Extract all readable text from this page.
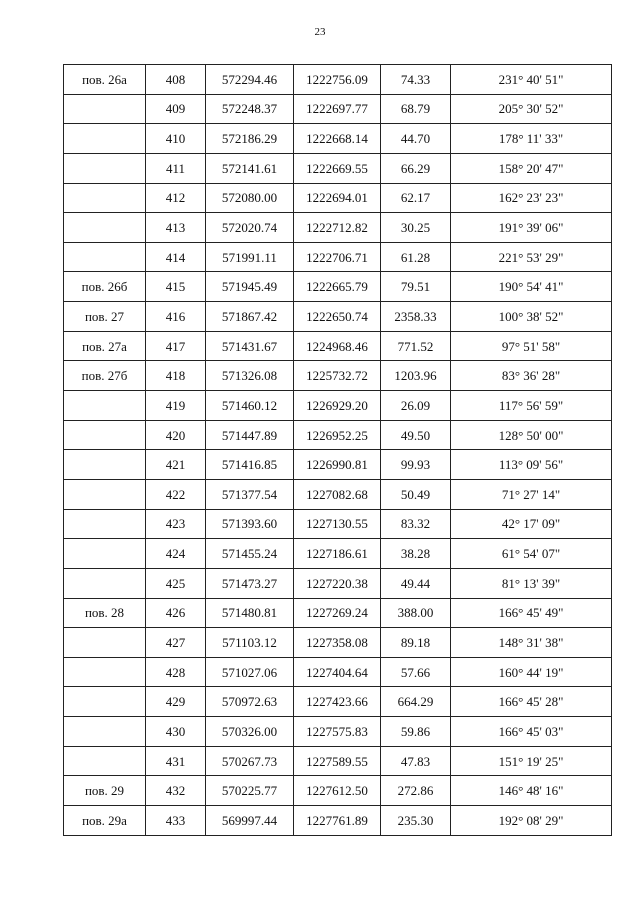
23
пов. 26а	408	572294.46	1222756.09	74.33	231° 40' 51"
	409	572248.37	1222697.77	68.79	205° 30' 52"
	410	572186.29	1222668.14	44.70	178° 11' 33"
	411	572141.61	1222669.55	66.29	158° 20' 47"
	412	572080.00	1222694.01	62.17	162° 23' 23"
	413	572020.74	1222712.82	30.25	191° 39' 06"
	414	571991.11	1222706.71	61.28	221° 53' 29"
пов. 26б	415	571945.49	1222665.79	79.51	190° 54' 41"
пов. 27	416	571867.42	1222650.74	2358.33	100° 38' 52"
пов. 27а	417	571431.67	1224968.46	771.52	97° 51' 58"
пов. 27б	418	571326.08	1225732.72	1203.96	83° 36' 28"
	419	571460.12	1226929.20	26.09	117° 56' 59"
	420	571447.89	1226952.25	49.50	128° 50' 00"
	421	571416.85	1226990.81	99.93	113° 09' 56"
	422	571377.54	1227082.68	50.49	71° 27' 14"
	423	571393.60	1227130.55	83.32	42° 17' 09"
	424	571455.24	1227186.61	38.28	61° 54' 07"
	425	571473.27	1227220.38	49.44	81° 13' 39"
пов. 28	426	571480.81	1227269.24	388.00	166° 45' 49"
	427	571103.12	1227358.08	89.18	148° 31' 38"
	428	571027.06	1227404.64	57.66	160° 44' 19"
	429	570972.63	1227423.66	664.29	166° 45' 28"
	430	570326.00	1227575.83	59.86	166° 45' 03"
	431	570267.73	1227589.55	47.83	151° 19' 25"
пов. 29	432	570225.77	1227612.50	272.86	146° 48' 16"
пов. 29а	433	569997.44	1227761.89	235.30	192° 08' 29"
